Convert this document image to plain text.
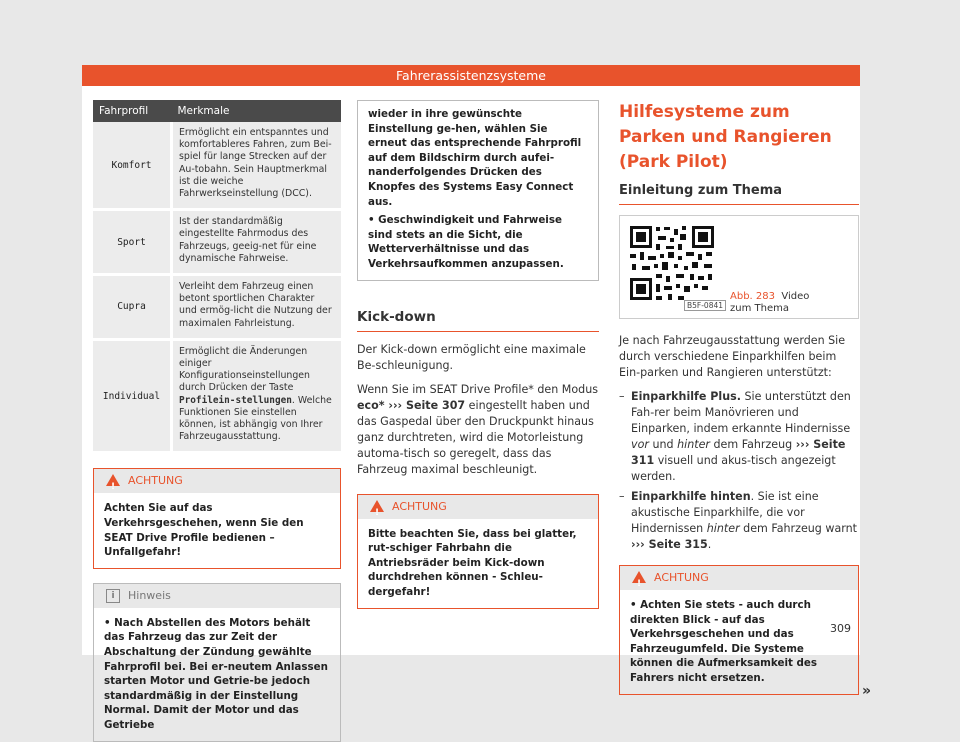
Fahrerassistenzsysteme
Fahrprofil	Merkmale
Komfort	Ermöglicht ein entspanntes und komfortableres Fahren, zum Bei-spiel für lange Strecken auf der Au-tobahn. Sein Hauptmerkmal ist die weiche Fahrwerkseinstellung (DCC).
Sport	Ist der standardmäßig eingestellte Fahrmodus des Fahrzeugs, geeig-net für eine dynamische Fahrweise.
Cupra	Verleiht dem Fahrzeug einen betont sportlichen Charakter und ermög-licht die Nutzung der maximalen Fahrleistung.
Individual	Ermöglicht die Änderungen einiger Konfigurationseinstellungen durch Drücken der Taste Profilein-stellungen. Welche Funktionen Sie einstellen können, ist abhängig von Ihrer Fahrzeugausstattung.
!
ACHTUNG
Achten Sie auf das Verkehrsgeschehen, wenn Sie den SEAT Drive Profile bedienen – Unfallgefahr!
i	Hinweis
• Nach Abstellen des Motors behält das Fahrzeug das zur Zeit der Abschaltung der Zündung gewählte Fahrprofil bei. Bei er-neutem Anlassen starten Motor und Getrie-be jedoch standardmäßig in der Einstellung Normal. Damit der Motor und das Getriebe
wieder in ihre gewünschte Einstellung ge-hen, wählen Sie erneut das entsprechende Fahrprofil auf dem Bildschirm durch aufei-nanderfolgendes Drücken des Knopfes des Systems Easy Connect aus.
• Geschwindigkeit und Fahrweise sind stets an die Sicht, die Wetterverhältnisse und das Verkehrsaufkommen anzupassen.
Kick-down

Der Kick-down ermöglicht eine maximale Be-schleunigung.

Wenn Sie im SEAT Drive Profile* den Modus eco* ››› Seite 307 eingestellt haben und das Gaspedal über den Druckpunkt hinaus ganz durchtreten, wird die Motorleistung automa-tisch so geregelt, dass das Fahrzeug maximal beschleunigt.

!
ACHTUNG
Bitte beachten Sie, dass bei glatter, rut-schiger Fahrbahn die Antriebsräder beim Kick-down durchdrehen können - Schleu-dergefahr!
Hilfesysteme zum Parken und Rangieren (Park Pilot)
Einleitung zum Thema
B5F-0841
Abb. 283 Video zum Thema

Je nach Fahrzeugausstattung werden Sie durch verschiedene Einparkhilfen beim Ein-parken und Rangieren unterstützt:

– Einparkhilfe Plus. Sie unterstützt den Fah-rer beim Manövrieren und Einparken, indem erkannte Hindernisse vor und hinter dem Fahrzeug ››› Seite 311 visuell und akus-tisch angezeigt werden.
– Einparkhilfe hinten. Sie ist eine akustische Einparkhilfe, die vor Hindernissen hinter dem Fahrzeug warnt ››› Seite 315.
!
ACHTUNG
• Achten Sie stets - auch durch direkten Blick - auf das Verkehrsgeschehen und das Fahrzeugumfeld. Die Systeme können die Aufmerksamkeit des Fahrers nicht ersetzen.
»
309
